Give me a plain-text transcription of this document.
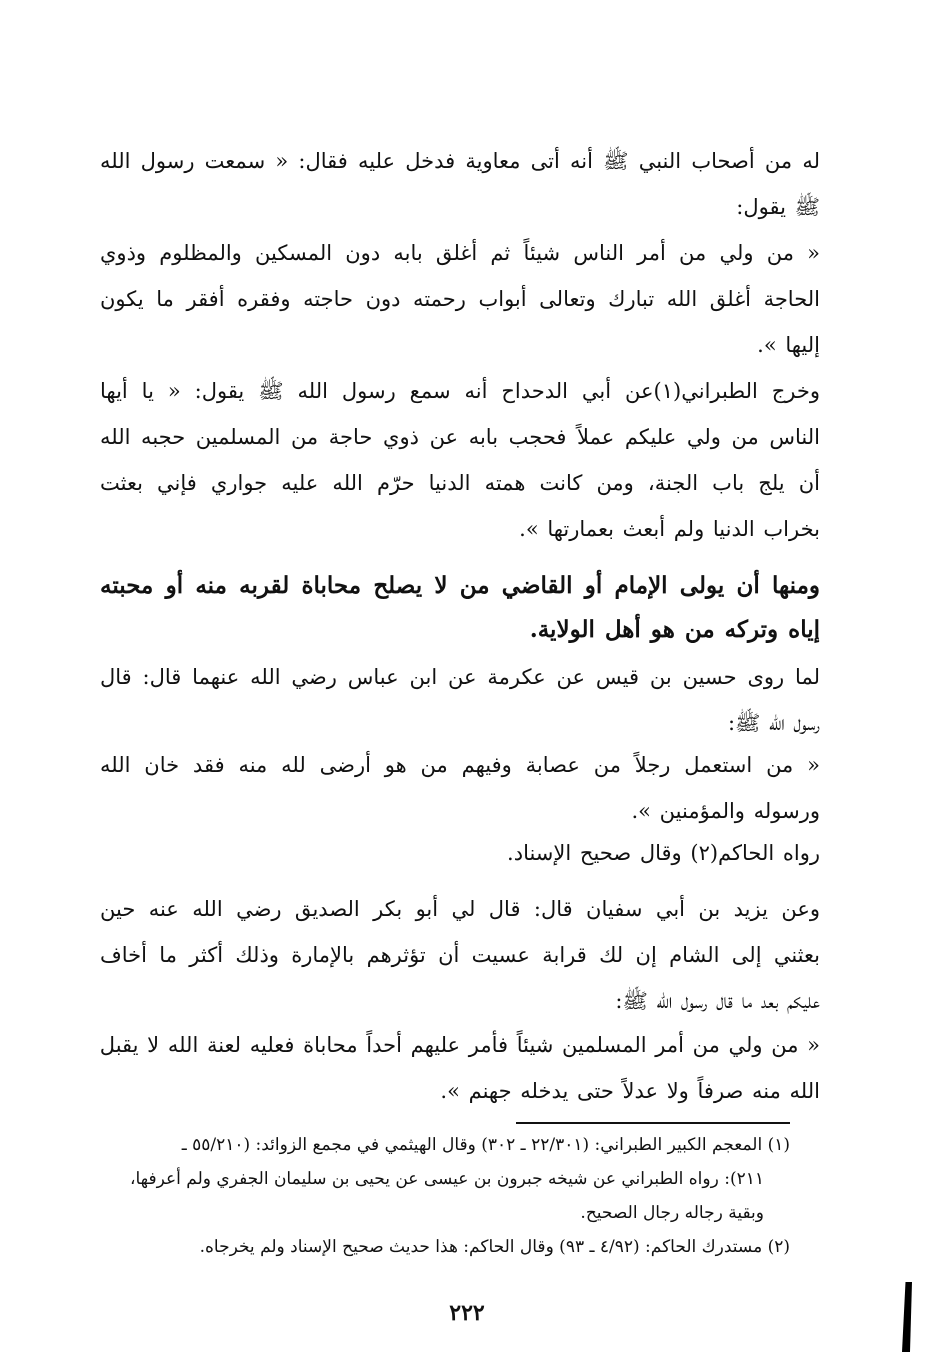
له من أصحاب النبي ﷺ أنه أتى معاوية فدخل عليه فقال: « سمعت رسول الله
ﷺ يقول:
« من ولي من أمر الناس شيئاً ثم أغلق بابه دون المسكين والمظلوم وذوي
الحاجة أغلق الله تبارك وتعالى أبواب رحمته دون حاجته وفقره أفقر ما يكون
إليها ».
وخرج الطبراني(١)عن أبي الدحداح أنه سمع رسول الله ﷺ يقول: « يا أيها
الناس من ولي عليكم عملاً فحجب بابه عن ذوي حاجة من المسلمين حجبه الله
أن يلج باب الجنة، ومن كانت همته الدنيا حرّم الله عليه جواري فإني بعثت
بخراب الدنيا ولم أبعث بعمارتها ».
ومنها أن يولى الإمام أو القاضي من لا يصلح محاباة لقربه منه أو محبته
إياه وتركه من هو أهل الولاية.
لما روى حسين بن قيس عن عكرمة عن ابن عباس رضي الله عنهما قال: قال
رسول الله ﷺ:
« من استعمل رجلاً من عصابة وفيهم من هو أرضى لله منه فقد خان الله
ورسوله والمؤمنين ».
رواه الحاكم(٢) وقال صحيح الإسناد.
وعن يزيد بن أبي سفيان قال: قال لي أبو بكر الصديق رضي الله عنه حين
بعثني إلى الشام إن لك قرابة عسيت أن تؤثرهم بالإمارة وذلك أكثر ما أخاف
عليكم بعد ما قال رسول الله ﷺ:
« من ولي من أمر المسلمين شيئاً فأمر عليهم أحداً محاباة فعليه لعنة الله لا يقبل
الله منه صرفاً ولا عدلاً حتى يدخله جهنم ».
(١) المعجم الكبير الطبراني: (٢٢/٣٠١ ـ ٣٠٢) وقال الهيثمي في مجمع الزوائد: (٥٥/٢١٠ ـ
٢١١): رواه الطبراني عن شيخه جبرون بن عيسى عن يحيى بن سليمان الجفري ولم أعرفها،
وبقية رجاله رجال الصحيح.
(٢) مستدرك الحاكم: (٤/٩٢ ـ ٩٣) وقال الحاكم: هذا حديث صحيح الإسناد ولم يخرجاه.
٢٢٢
